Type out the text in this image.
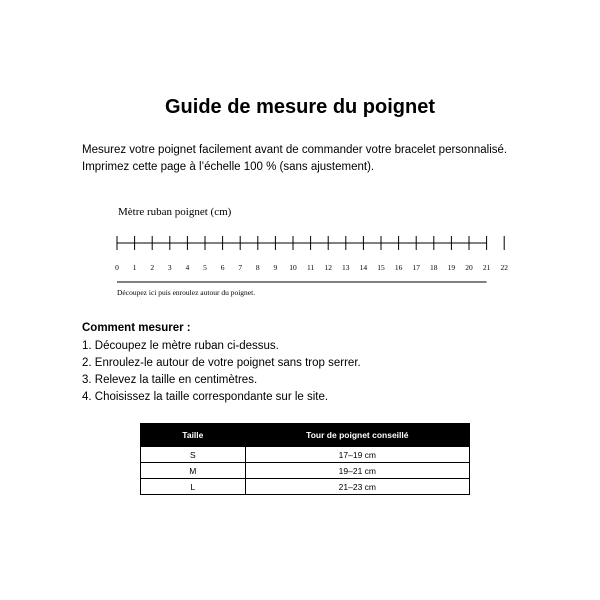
Guide de mesure du poignet
Mesurez votre poignet facilement avant de commander votre bracelet personnalisé.
Imprimez cette page à l’échelle 100 % (sans ajustement).
Mètre ruban poignet (cm)
0 1 2 3 4 5 6 7 8 9 10 11 12 13 14 15 16 17 18 19 20 21 22
Découpez ici puis enroulez autour du poignet.
Comment mesurer :
1. Découpez le mètre ruban ci-dessus.
2. Enroulez-le autour de votre poignet sans trop serrer.
3. Relevez la taille en centimètres.
4. Choisissez la taille correspondante sur le site.
Taille	Tour de poignet conseillé
S	17–19 cm
M	19–21 cm
L	21–23 cm
